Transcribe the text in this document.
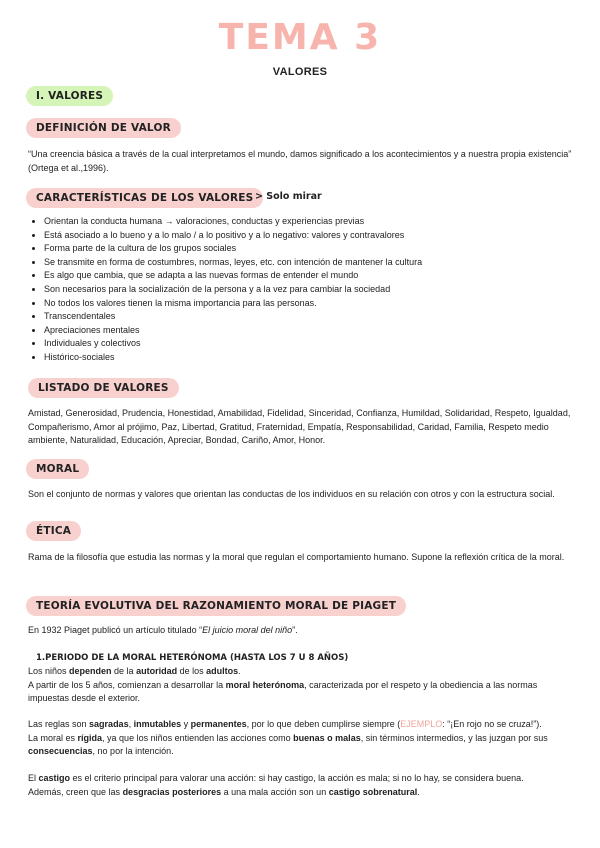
TEMA 3
VALORES
I. VALORES
DEFINICIÓN DE VALOR

“Una creencia básica a través de la cual interpretamos el mundo, damos significado a los acontecimientos y a nuestra propia existencia” (Ortega et al.,1996).

CARACTERÍSTICAS DE LOS VALORES > Solo mirar
• Orientan la conducta humana → valoraciones, conductas y experiencias previas
• Está asociado a lo bueno y a lo malo / a lo positivo y a lo negativo: valores y contravalores
• Forma parte de la cultura de los grupos sociales
• Se transmite en forma de costumbres, normas, leyes, etc. con intención de mantener la cultura
• Es algo que cambia, que se adapta a las nuevas formas de entender el mundo
• Son necesarios para la socialización de la persona y a la vez para cambiar la sociedad
• No todos los valores tienen la misma importancia para las personas.
• Transcendentales
• Apreciaciones mentales
• Individuales y colectivos
• Histórico-sociales
LISTADO DE VALORES

Amistad, Generosidad, Prudencia, Honestidad, Amabilidad, Fidelidad, Sinceridad, Confianza, Humildad, Solidaridad, Respeto, Igualdad, Compañerismo, Amor al prójimo, Paz, Libertad, Gratitud, Fraternidad, Empatía, Responsabilidad, Caridad, Familia, Respeto medio ambiente, Naturalidad, Educación, Apreciar, Bondad, Cariño, Amor, Honor.

MORAL

Son el conjunto de normas y valores que orientan las conductas de los individuos en su relación con otros y con la estructura social.

ÉTICA

Rama de la filosofía que estudia las normas y la moral que regulan el comportamiento humano. Supone la reflexión crítica de la moral.

TEORÍA EVOLUTIVA DEL RAZONAMIENTO MORAL DE PIAGET

En 1932 Piaget publicó un artículo titulado “El juicio moral del niño”.

1.PERIODO DE LA MORAL HETERÓNOMA (HASTA LOS 7 U 8 AÑOS)

Los niños dependen de la autoridad de los adultos.
A partir de los 5 años, comienzan a desarrollar la moral heterónoma, caracterizada por el respeto y la obediencia a las normas impuestas desde el exterior.

Las reglas son sagradas, inmutables y permanentes, por lo que deben cumplirse siempre (EJEMPLO: “¡En rojo no se cruza!”).
La moral es rígida, ya que los niños entienden las acciones como buenas o malas, sin términos intermedios, y las juzgan por sus consecuencias, no por la intención.

El castigo es el criterio principal para valorar una acción: si hay castigo, la acción es mala; si no lo hay, se considera buena.
Además, creen que las desgracias posteriores a una mala acción son un castigo sobrenatural.
